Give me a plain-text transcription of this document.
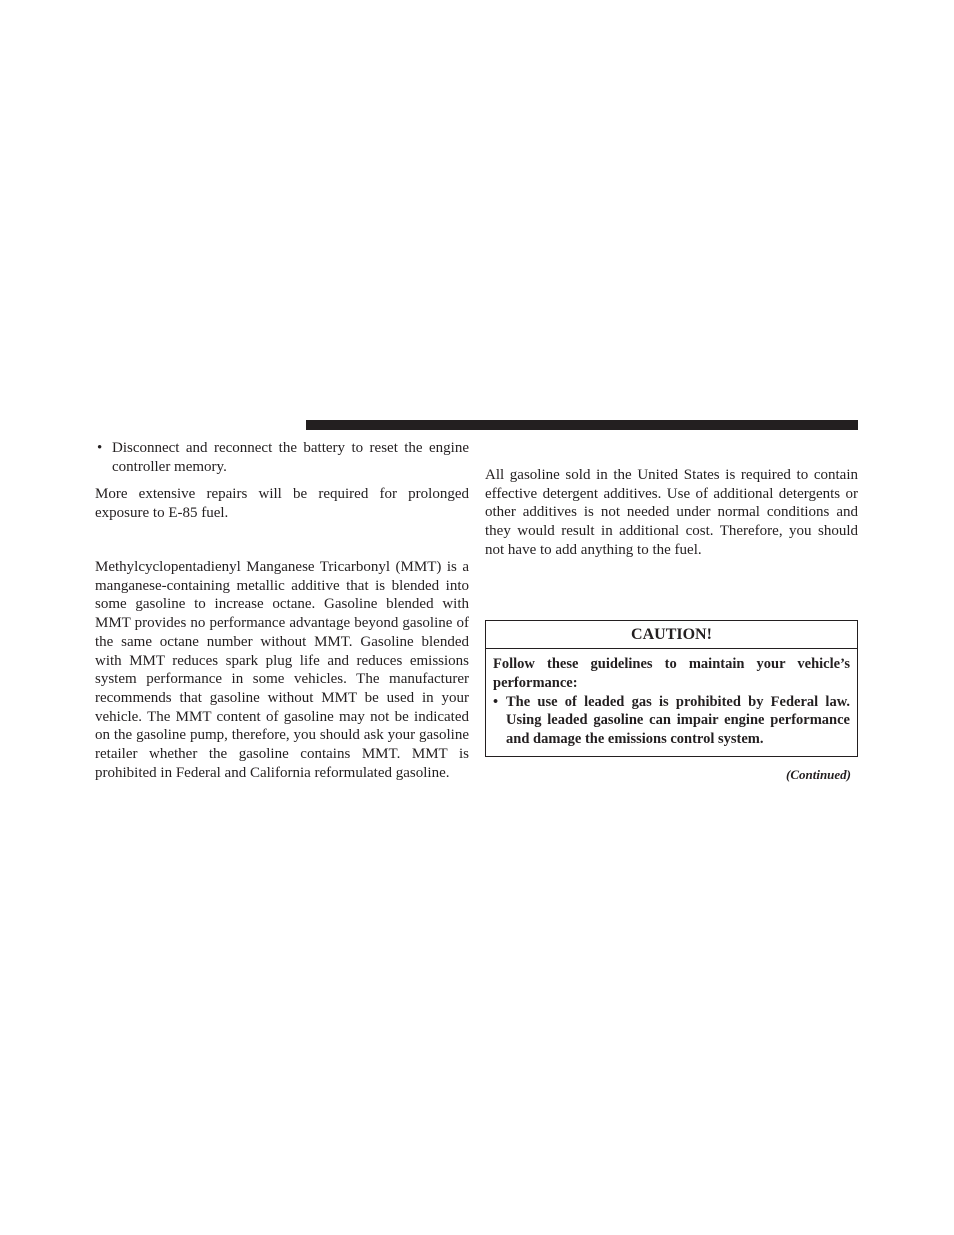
• Disconnect and reconnect the battery to reset the engine controller memory.

More extensive repairs will be required for prolonged exposure to E-85 fuel.

Methylcyclopentadienyl Manganese Tricarbonyl (MMT) is a manganese-containing metallic additive that is blended into some gasoline to increase octane. Gasoline blended with MMT provides no performance advantage beyond gasoline of the same octane number without MMT. Gasoline blended with MMT reduces spark plug life and reduces emissions system performance in some vehicles. The manufacturer recommends that gasoline without MMT be used in your vehicle. The MMT content of gasoline may not be indicated on the gasoline pump, therefore, you should ask your gasoline retailer whether the gasoline contains MMT. MMT is prohibited in Federal and California reformulated gasoline.

All gasoline sold in the United States is required to contain effective detergent additives. Use of additional detergents or other additives is not needed under normal conditions and they would result in additional cost. Therefore, you should not have to add anything to the fuel.

CAUTION!

Follow these guidelines to maintain your vehicle’s performance:

• The use of leaded gas is prohibited by Federal law. Using leaded gasoline can impair engine performance and damage the emissions control system.

(Continued)
